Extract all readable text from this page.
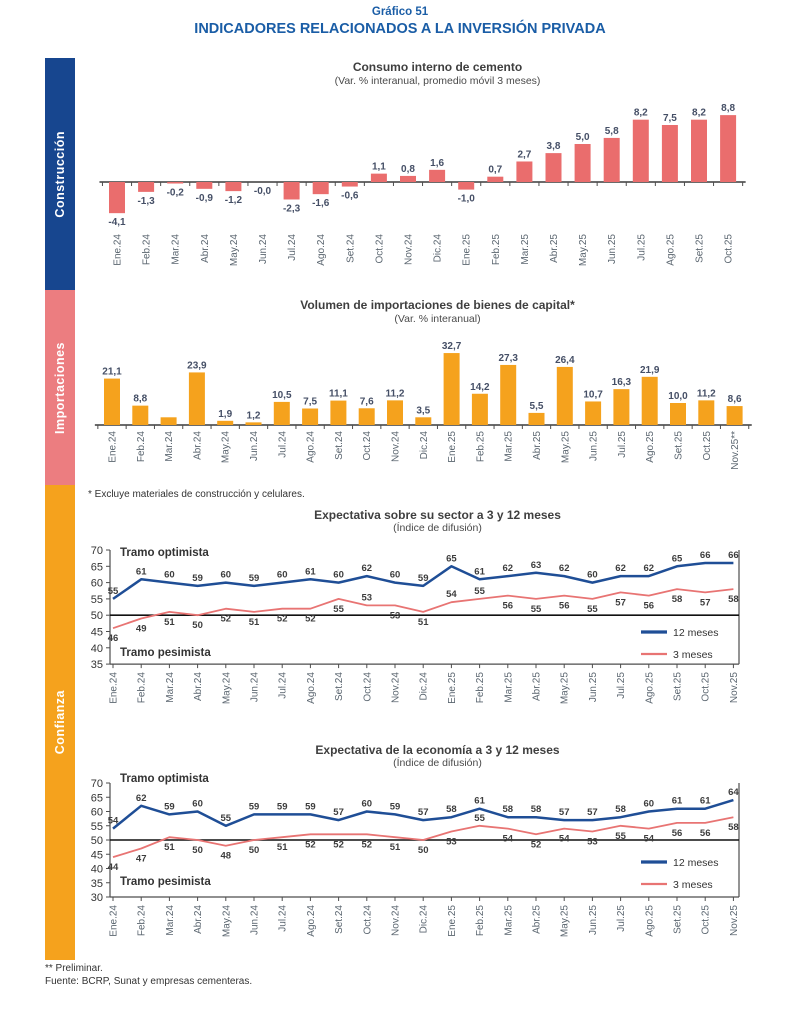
Gráfico 51
INDICADORES RELACIONADOS A LA INVERSIÓN PRIVADA
Construcción
Importaciones
Confianza
Consumo interno de cemento
(Var. % interanual, promedio móvil 3 meses)
-4,1
-1,3
-0,2 -0,9 -1,2
-0,0
-2,3 -1,6
-0,6
1,1 0,8
1,6
-1,0
0,7
2,7
3,8
5,0
5,8
8,2 7,5 8,2 8,8
Ene.24 Feb.24 Mar.24 Abr.24 May.24 Jun.24 Jul.24 Ago.24 Set.24 Oct.24 Nov.24 Dic.24 Ene.25 Feb.25 Mar.25 Abr.25 May.25 Jun.25 Jul.25 Ago.25 Set.25 Oct.25
Volumen de importaciones de bienes de capital*
(Var. % interanual)
21,1
8,8
23,9
1,9 1,2
10,5
7,5
11,1
7,6
11,2
3,5
32,7
14,2
27,3
5,5
26,4
10,7
16,3
21,9
10,0 11,2
8,6
Ene.24 Feb.24 Mar.24 Abr.24 May.24 Jun.24 Jul.24 Ago.24 Set.24 Oct.24 Nov.24 Dic.24 Ene.25 Feb.25 Mar.25 Abr.25 May.25 Jun.25 Jul.25 Ago.25 Set.25 Oct.25 Nov.25**
* Excluye materiales de construcción y celulares.
Expectativa sobre su sector a 3 y 12 meses
(Índice de difusión)
70
65
60
55
50
45
40
35
Tramo optimista
Tramo pesimista
55
61 60 59 60 59 60 61 60
62
60 59
65
61 62 63 62
60
62 62
65 66 66
46
49
51 50
52 51 52 52
55
53
53
51
54 55
56 55 56 55
57 56
58 57 58
12 meses
3 meses
Ene.24 Feb.24 Mar.24 Abr.24 May.24 Jun.24 Jul.24 Ago.24 Set.24 Oct.24 Nov.24 Dic.24 Ene.25 Feb.25 Mar.25 Abr.25 May.25 Jun.25 Jul.25 Ago.25 Set.25 Oct.25 Nov.25
Expectativa de la economía a 3 y 12 meses
(Índice de difusión)
70
65
60
55
50
45
40
35
30
Tramo optimista
Tramo pesimista
54
62
59 60
55
59 59 59
57
60 59
57 58
61
58 58 57 57 58
60 61 61
64
44
47
51 50
48
50 51 52 52 52 51 50
53
55
54
52
54 53
55 54
56 56
58
12 meses
3 meses
Ene.24 Feb.24 Mar.24 Abr.24 May.24 Jun.24 Jul.24 Ago.24 Set.24 Oct.24 Nov.24 Dic.24 Ene.25 Feb.25 Mar.25 Abr.25 May.25 Jun.25 Jul.25 Ago.25 Set.25 Oct.25 Nov.25
** Preliminar.
Fuente: BCRP, Sunat y empresas cementeras.
